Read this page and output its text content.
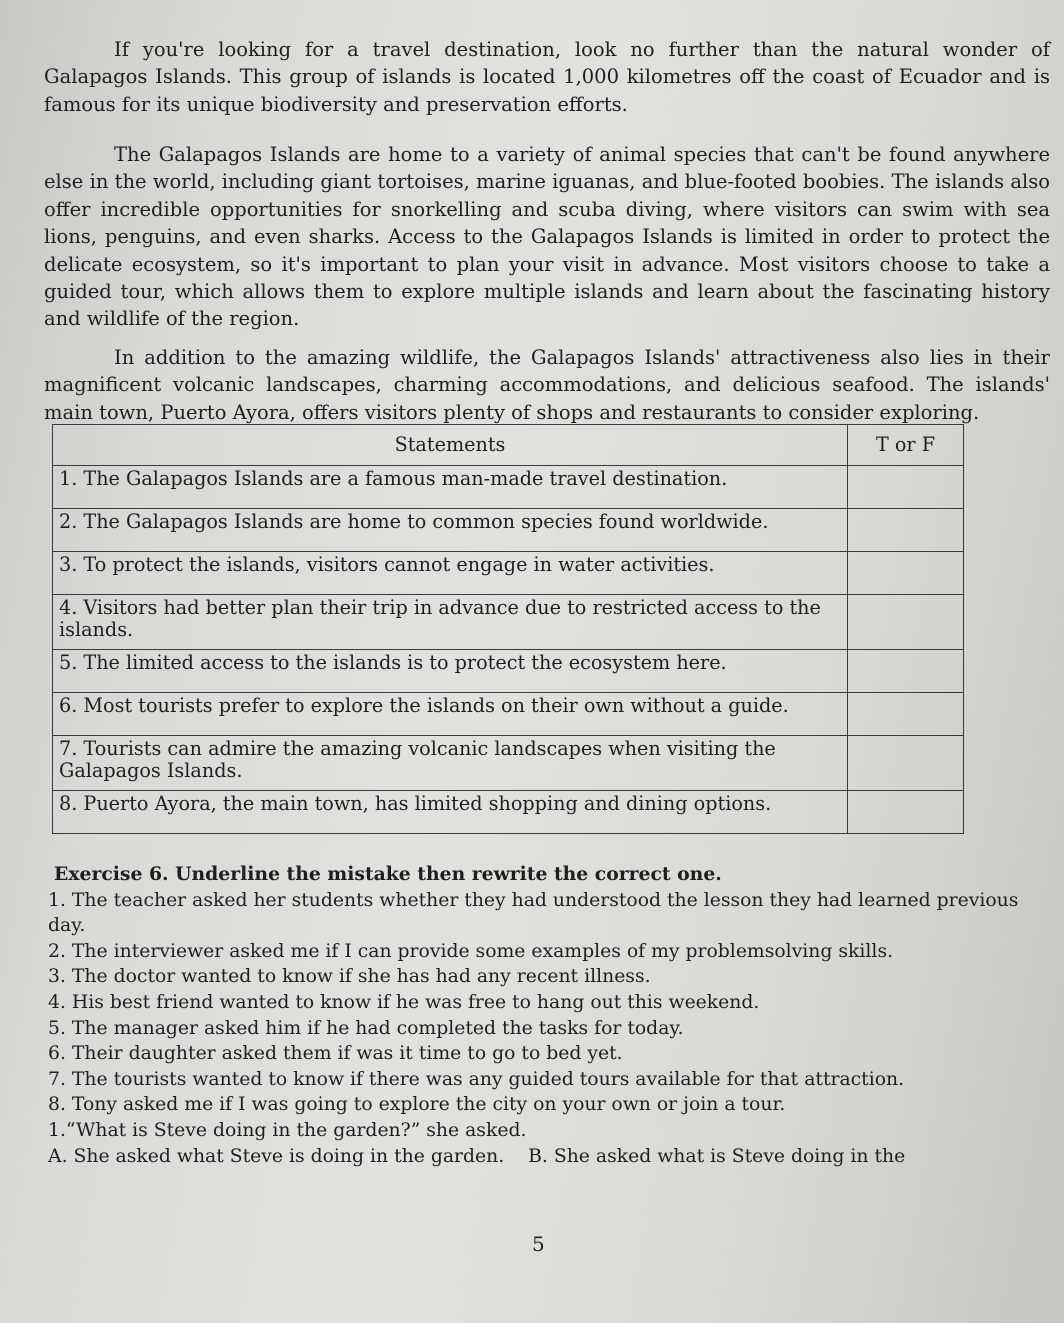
If you're looking for a travel destination, look no further than the natural wonder of Galapagos Islands. This group of islands is located 1,000 kilometres off the coast of Ecuador and is famous for its unique biodiversity and preservation efforts.

The Galapagos Islands are home to a variety of animal species that can't be found anywhere else in the world, including giant tortoises, marine iguanas, and blue-footed boobies. The islands also offer incredible opportunities for snorkelling and scuba diving, where visitors can swim with sea lions, penguins, and even sharks. Access to the Galapagos Islands is limited in order to protect the delicate ecosystem, so it's important to plan your visit in advance. Most visitors choose to take a guided tour, which allows them to explore multiple islands and learn about the fascinating history and wildlife of the region.

In addition to the amazing wildlife, the Galapagos Islands' attractiveness also lies in their magnificent volcanic landscapes, charming accommodations, and delicious seafood. The islands' main town, Puerto Ayora, offers visitors plenty of shops and restaurants to consider exploring.

Statements	T or F
1. The Galapagos Islands are a famous man-made travel destination.	
2. The Galapagos Islands are home to common species found worldwide.	
3. To protect the islands, visitors cannot engage in water activities.	
4. Visitors had better plan their trip in advance due to restricted access to the islands.	
5. The limited access to the islands is to protect the ecosystem here.	
6. Most tourists prefer to explore the islands on their own without a guide.	
7. Tourists can admire the amazing volcanic landscapes when visiting the Galapagos Islands.	
8. Puerto Ayora, the main town, has limited shopping and dining options.	

Exercise 6. Underline the mistake then rewrite the correct one.

1. The teacher asked her students whether they had understood the lesson they had learned previous day.

2. The interviewer asked me if I can provide some examples of my problemsolving skills.

3. The doctor wanted to know if she has had any recent illness.

4. His best friend wanted to know if he was free to hang out this weekend.

5. The manager asked him if he had completed the tasks for today.

6. Their daughter asked them if was it time to go to bed yet.

7. The tourists wanted to know if there was any guided tours available for that attraction.

8. Tony asked me if I was going to explore the city on your own or join a tour.

1.“What is Steve doing in the garden?” she asked.

A. She asked what Steve is doing in the garden.    B. She asked what is Steve doing in the

5
